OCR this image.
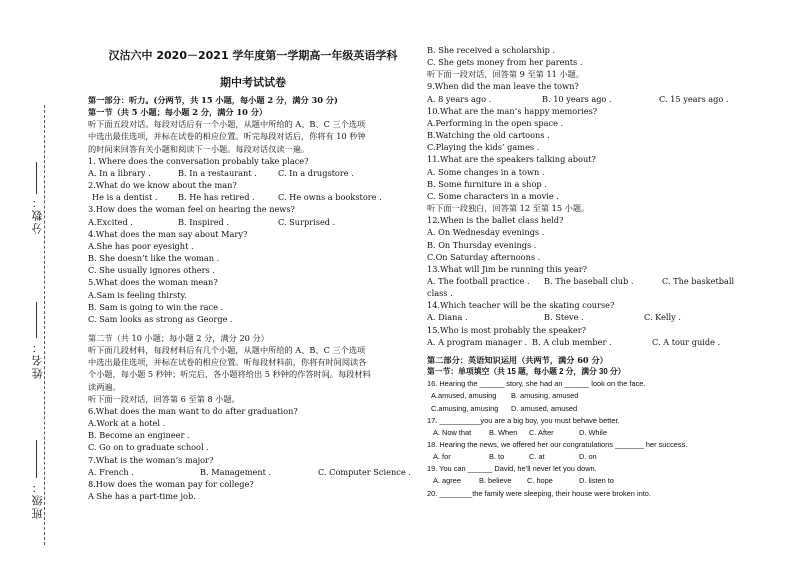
分数：
姓名：
班级：
汉沽六中 2020－2021 学年度第一学期高一年级英语学科
期中考试试卷
第一部分：听力。(分两节，共 15 小题，每小题 2 分，满分 30 分)
第一节（共 5 小题；每小题 2 分，满分 10 分）
听下面五段对话。每段对话后有一个小题，从题中所给的 A、B、C 三个选项
中选出最佳选项，并标在试卷的相应位置。听完每段对话后，你将有 10 秒钟
的时间来回答有关小题和阅读下一小题。每段对话仅读一遍。
1. Where does the conversation probably take place?
A. In a library .	B. In a restaurant .	C. In a drugstore .
2.What do we know about the man?
He is a dentist .	B. He has retired .	C. He owns a bookstore .
3.How does the woman feel on hearing the news?
A.Excited .	B. Inspired .	C. Surprised .
4.What does the man say about Mary?
A.She has poor eyesight .
B. She doesn’t like the woman .
C. She usually ignores others .
5.What does the woman mean?
A.Sam is feeling thirsty.
B. Sam is going to win the race .
C. Sam looks as strong as George .
第二节（共 10 小题；每小题 2 分，满分 20 分）
听下面几段材料，每段材料后有几个小题，从题中所给的 A、B、C 三个选项
中选出最佳选项，并标在试卷的相应位置。听每段材料前，你将有时间阅读各
个小题，每小题 5 秒钟；听完后，各小题将给出 5 秒钟的作答时间。每段材料
读两遍。
听下面一段对话，回答第 6 至第 8 小题。
6.What does the man want to do after graduation?
A.Work at a hotel .
B. Become an engineer .
C. Go on to graduate school .
7.What is the woman’s major?
A. French .	B. Management .	C. Computer Science .
8.How does the woman pay for college?
A She has a part-time job.
B. She received a scholarship .
C. She gets money from her parents .
听下面一段对话，回答第 9 至第 11 小题。
9.When did the man leave the town?
A. 8 years ago .	B. 10 years ago .	C. 15 years ago .
10.What are the man’s happy memories?
A.Performing in the open space .
B.Watching the old cartoons .
C.Playing the kids’ games .
11.What are the speakers talking about?
A. Some changes in a town .
B. Some furniture in a shop .
C. Some characters in a movie .
听下面一段独白，回答第 12 至第 15 小题。
12.When is the ballet class held?
A. On Wednesday evenings .
B. On Thursday evenings .
C.On Saturday afternoons .
13.What will Jim be running this year?
A. The football practice .	B. The baseball club .	C. The basketball
class .
14.Which teacher will be the skating course?
A. Diana .	B. Steve .	C. Kelly .
15.Who is most probably the speaker?
A. A program manager . B. A club member .	C. A tour guide .
第二部分：英语知识运用（共两节，满分 60 分）
第一节：单项填空（共 15 题，每小题 2 分，满分 30 分）
16. Hearing the ______ story, she had an ______ look on the face.
A.amused, amusing	B. amusing, amused
C.amusing, amusing	D. amused, amused
17. __________you are a big boy, you must behave better.
A. Now that	B. When	C. After	D. While
18. Hearing the news, we offered her our congratulations _______ her success.
A. for	B. to	C. at	D. on
19. You can ______ David, he’ll never let you down.
A. agree	B. believe	C. hope	D. listen to
20. ________the family were sleeping, their house were broken into.
